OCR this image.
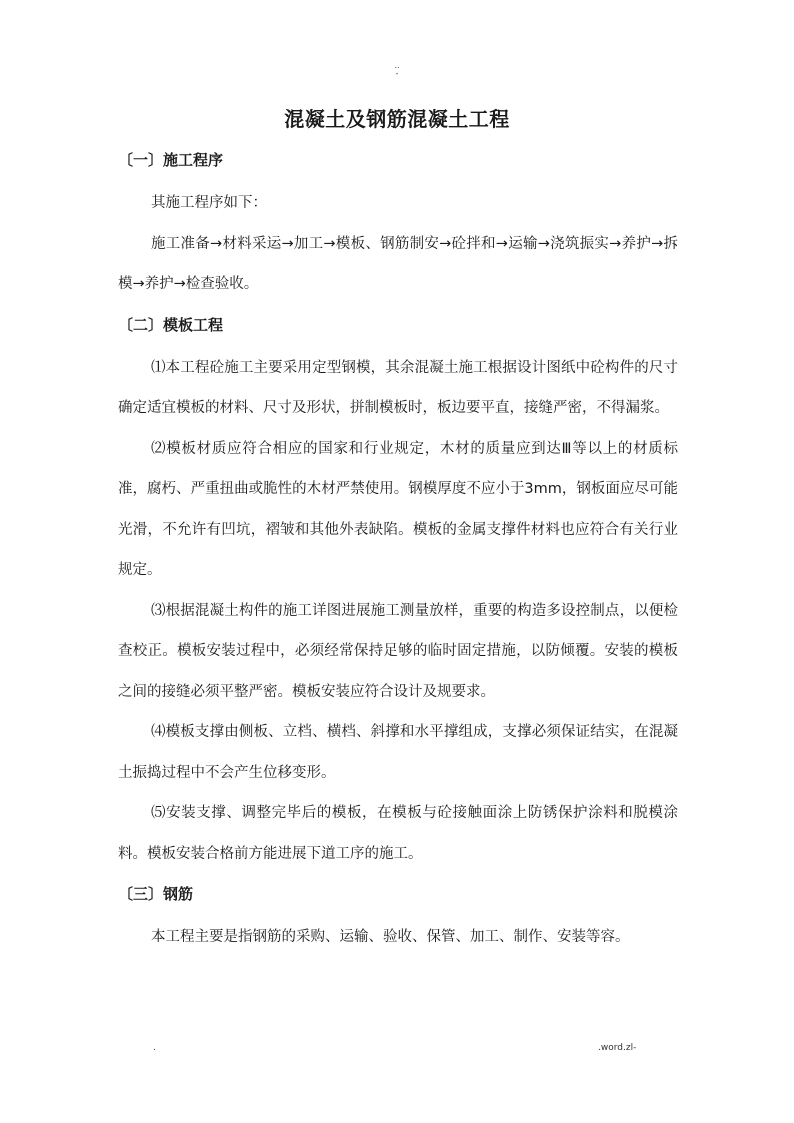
..
-
混凝土及钢筋混凝土工程
〔一〕施工程序

其施工程序如下：

施工准备→材料采运→加工→模板、钢筋制安→砼拌和→运输→浇筑振实→养护→拆模→养护→检查验收。

〔二〕模板工程

⑴本工程砼施工主要采用定型钢模，其余混凝土施工根据设计图纸中砼构件的尺寸确定适宜模板的材料、尺寸及形状，拼制模板时，板边要平直，接缝严密，不得漏浆。

⑵模板材质应符合相应的国家和行业规定，木材的质量应到达Ⅲ等以上的材质标准，腐朽、严重扭曲或脆性的木材严禁使用。钢模厚度不应小于3mm，钢板面应尽可能光滑，不允许有凹坑，褶皱和其他外表缺陷。模板的金属支撑件材料也应符合有关行业规定。

⑶根据混凝土构件的施工详图进展施工测量放样，重要的构造多设控制点，以便检查校正。模板安装过程中，必须经常保持足够的临时固定措施，以防倾覆。安装的模板之间的接缝必须平整严密。模板安装应符合设计及规要求。

⑷模板支撑由侧板、立档、横档、斜撑和水平撑组成，支撑必须保证结实，在混凝土振捣过程中不会产生位移变形。

⑸安装支撑、调整完毕后的模板，在模板与砼接触面涂上防锈保护涂料和脱模涂料。模板安装合格前方能进展下道工序的施工。

〔三〕钢筋

本工程主要是指钢筋的采购、运输、验收、保管、加工、制作、安装等容。

.	.word.zl-
